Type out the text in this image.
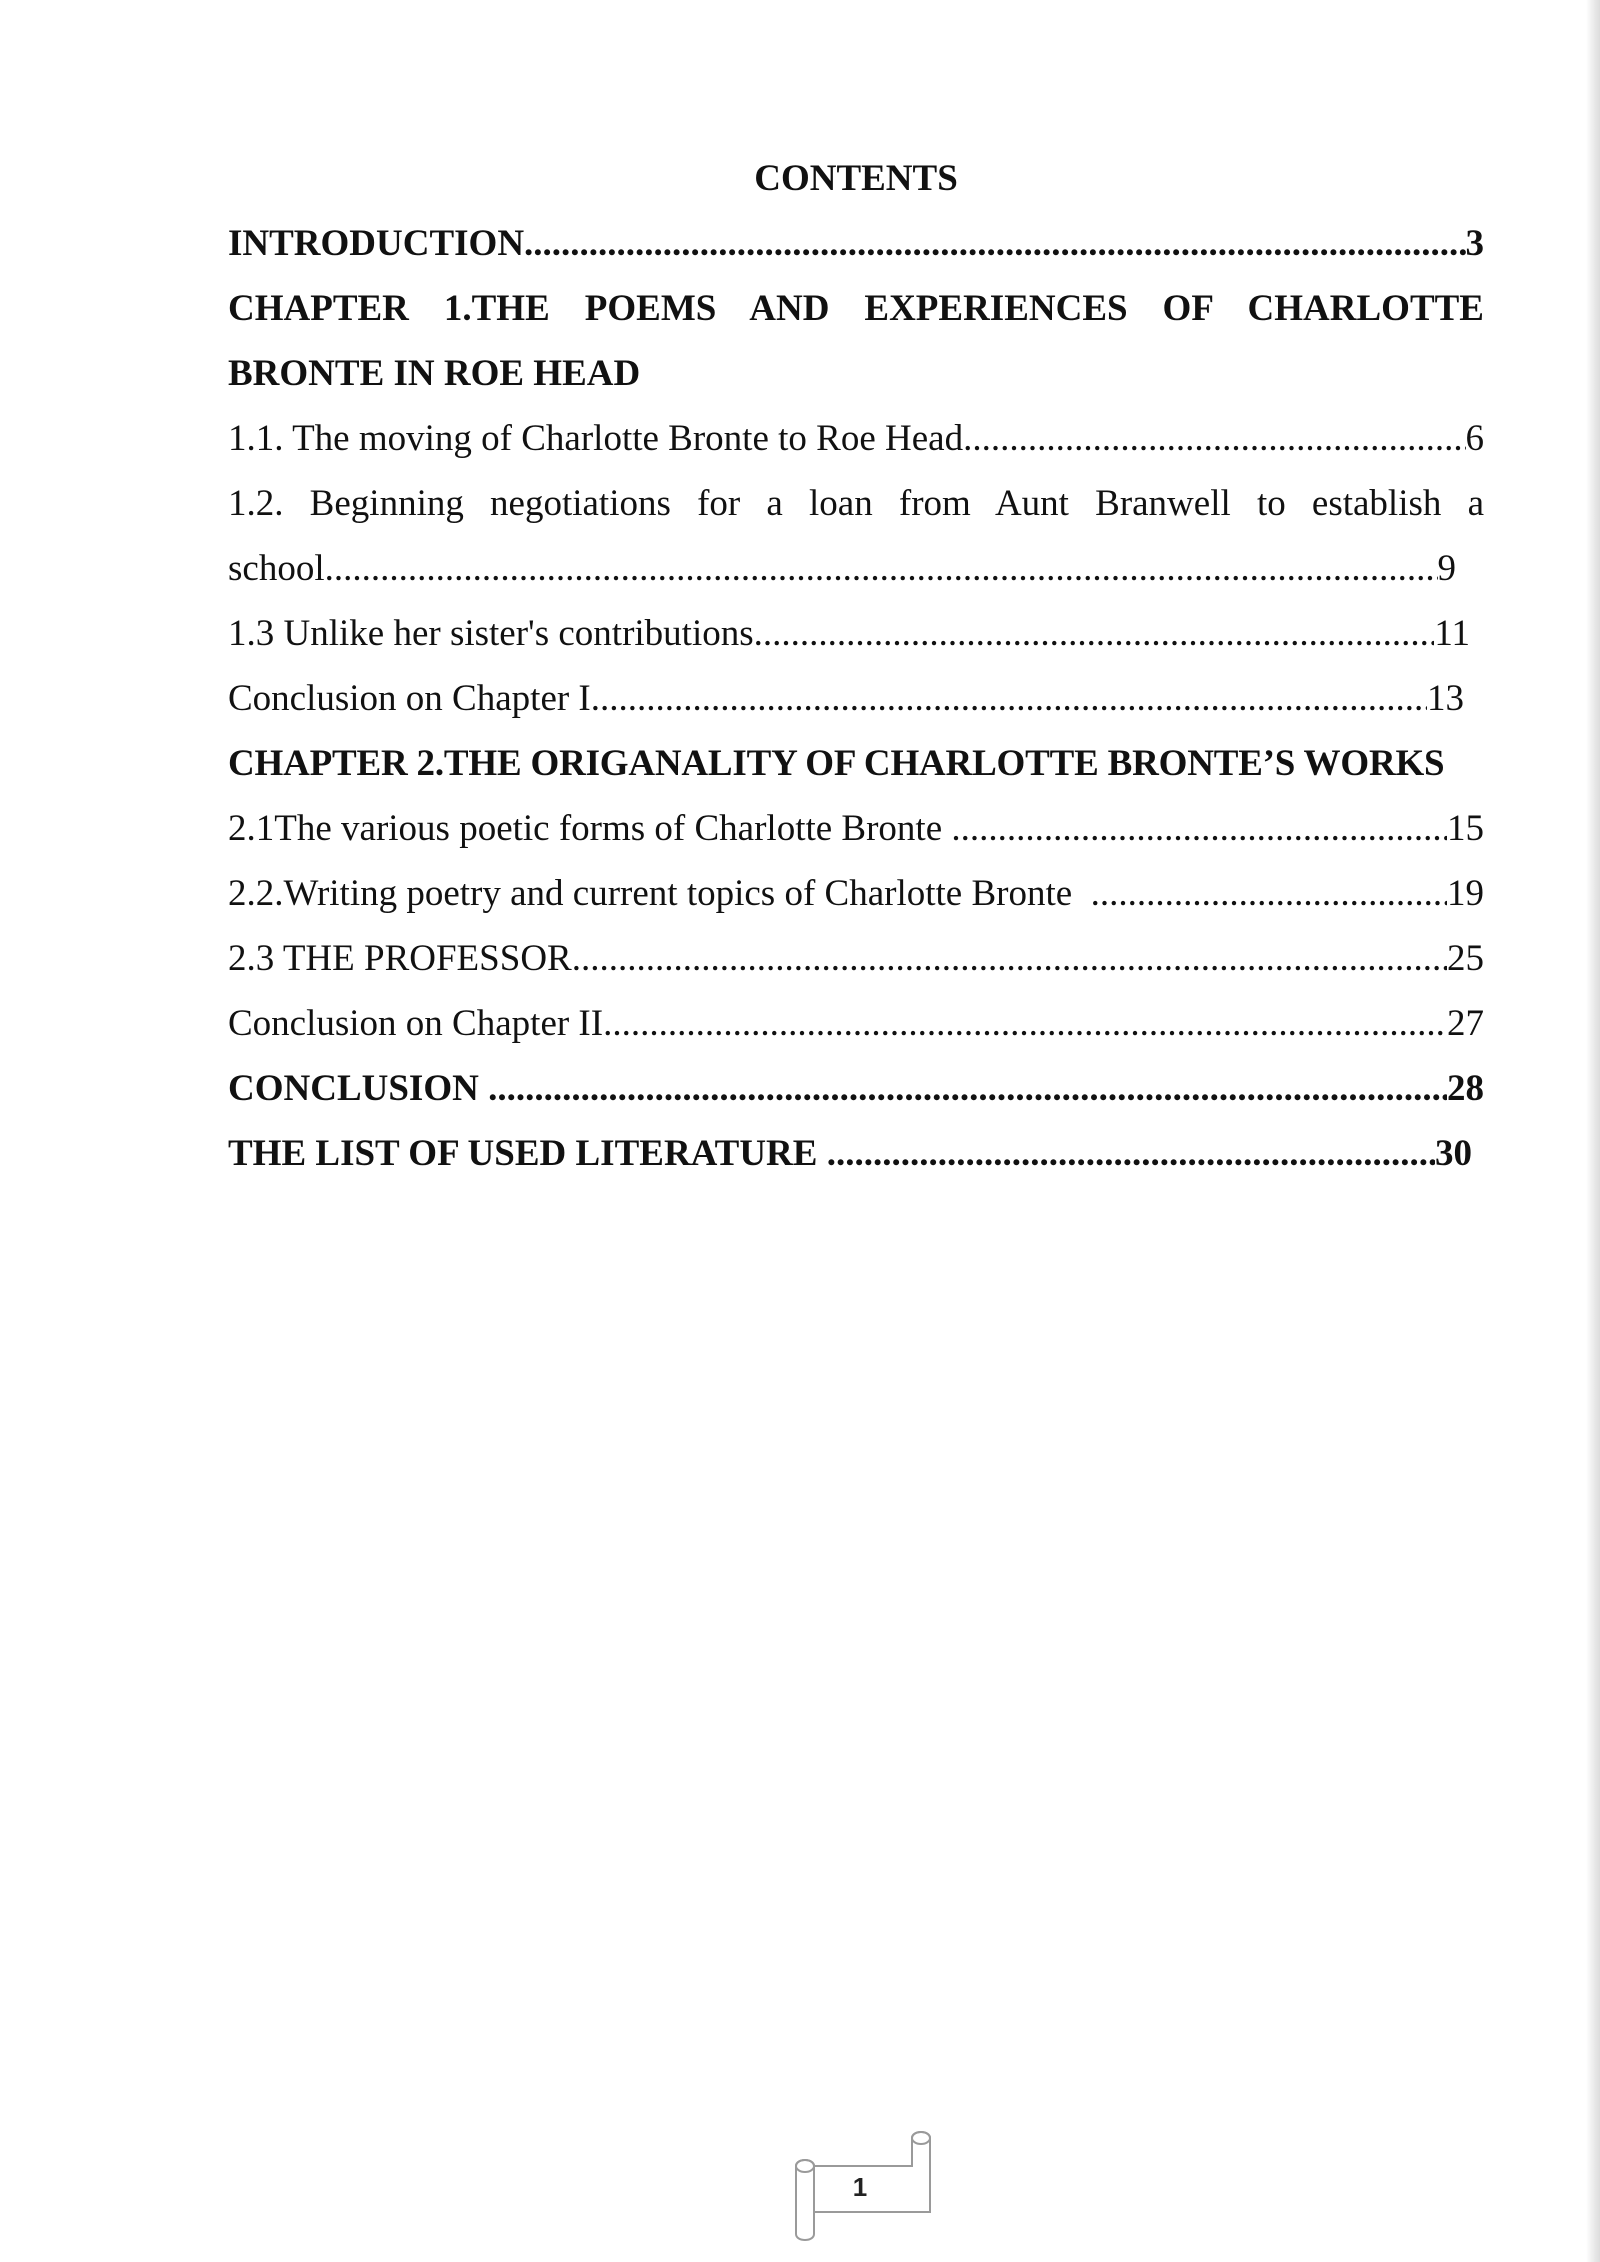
CONTENTS
INTRODUCTION .....	3
CHAPTER 1.THE POEMS AND EXPERIENCES OF CHARLOTTE
BRONTE IN ROE HEAD
1.1. The moving of Charlotte Bronte to Roe Head .....	6
1.2. Beginning negotiations for a loan from Aunt Branwell to establish a
school .....	9
1.3 Unlike her sister's contributions .....	11
Conclusion on Chapter I .....	13
CHAPTER 2.THE ORIGANALITY OF CHARLOTTE BRONTE’S WORKS
2.1The various poetic forms of Charlotte Bronte .....	15
2.2.Writing poetry and current topics of Charlotte Bronte .....	19
2.3 THE PROFESSOR .....	25
Conclusion on Chapter II .....	27
CONCLUSION .....	28
THE LIST OF USED LITERATURE .....	30
1
